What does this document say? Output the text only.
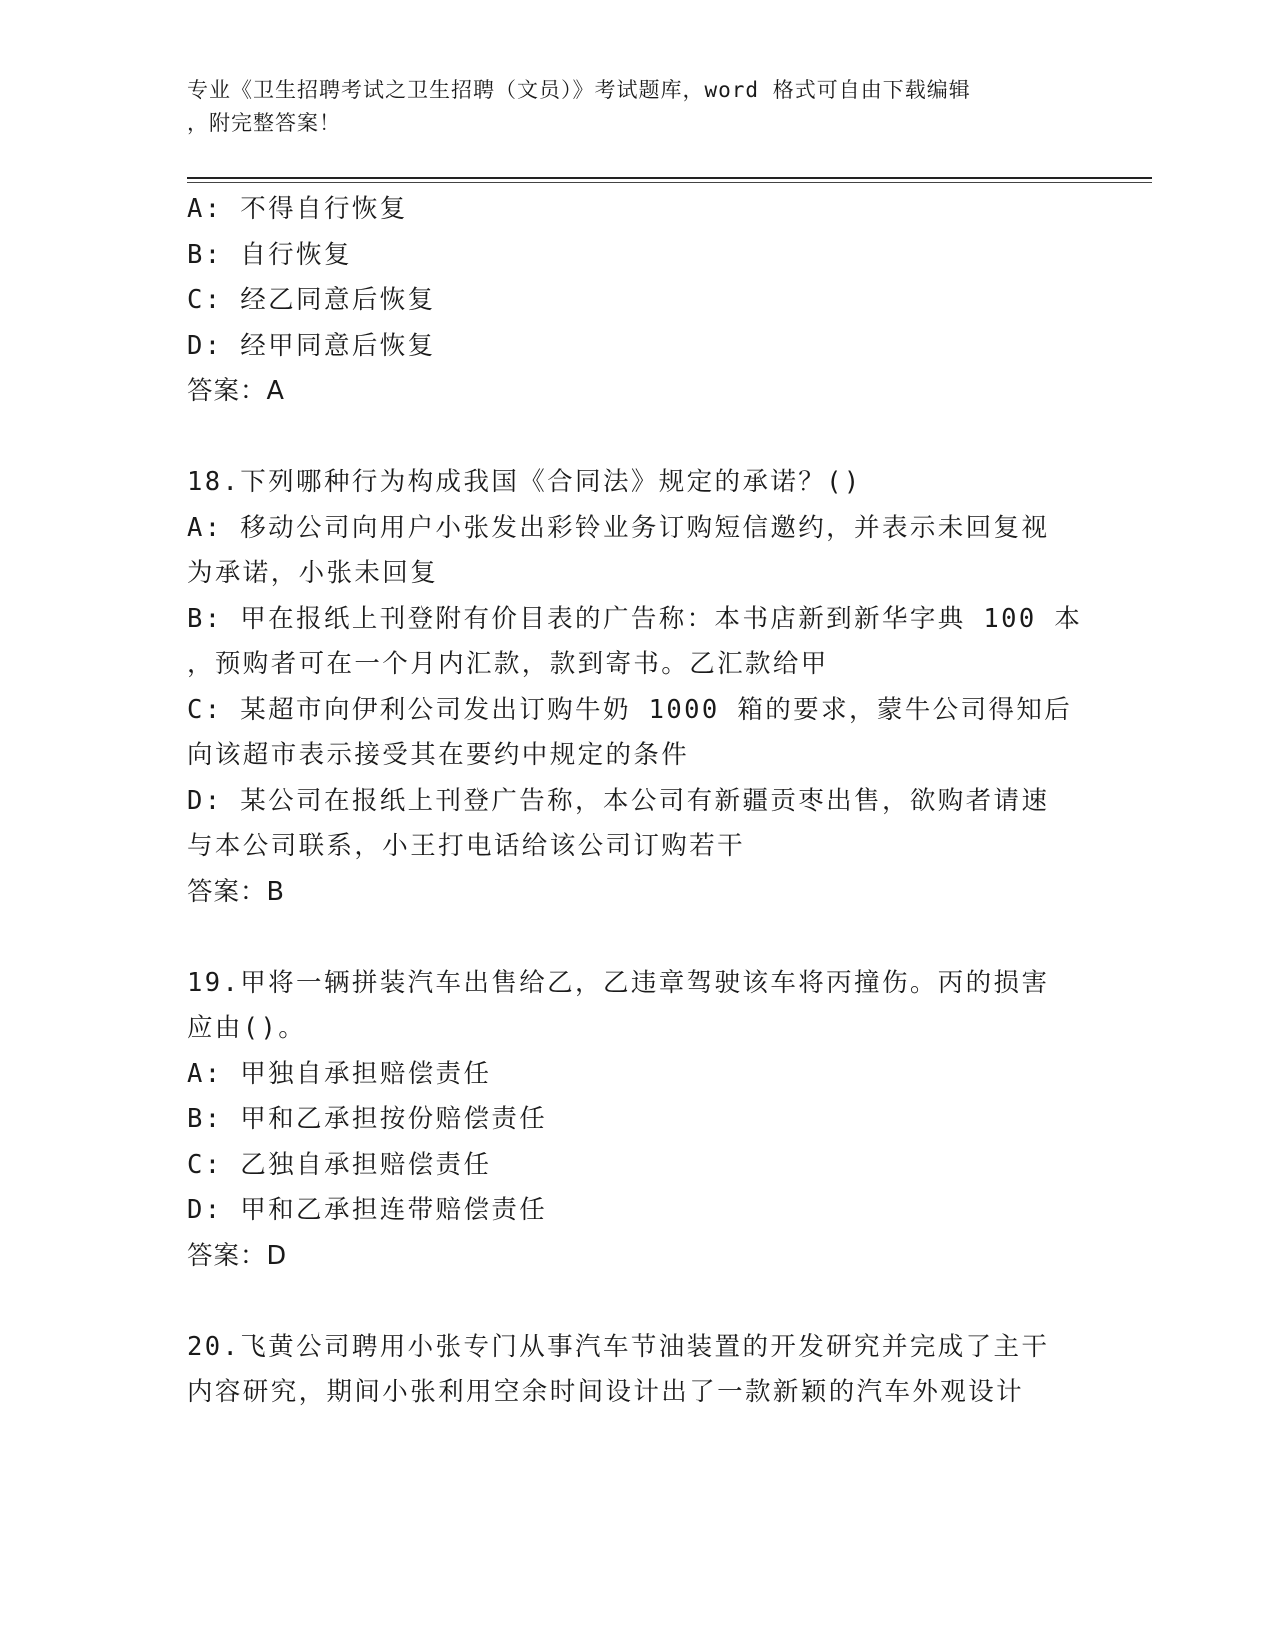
专业《卫生招聘考试之卫生招聘（文员）》考试题库，word 格式可自由下载编辑
，附完整答案！
A: 不得自行恢复
B: 自行恢复
C: 经乙同意后恢复
D: 经甲同意后恢复
答案：A
18.下列哪种行为构成我国《合同法》规定的承诺？()
A: 移动公司向用户小张发出彩铃业务订购短信邀约，并表示未回复视
为承诺，小张未回复
B: 甲在报纸上刊登附有价目表的广告称：本书店新到新华字典 100 本
，预购者可在一个月内汇款，款到寄书。乙汇款给甲
C: 某超市向伊利公司发出订购牛奶 1000 箱的要求，蒙牛公司得知后
向该超市表示接受其在要约中规定的条件
D: 某公司在报纸上刊登广告称，本公司有新疆贡枣出售，欲购者请速
与本公司联系，小王打电话给该公司订购若干
答案：B
19.甲将一辆拼装汽车出售给乙，乙违章驾驶该车将丙撞伤。丙的损害
应由()。
A: 甲独自承担赔偿责任
B: 甲和乙承担按份赔偿责任
C: 乙独自承担赔偿责任
D: 甲和乙承担连带赔偿责任
答案：D
20.飞黄公司聘用小张专门从事汽车节油装置的开发研究并完成了主干
内容研究，期间小张利用空余时间设计出了一款新颖的汽车外观设计
